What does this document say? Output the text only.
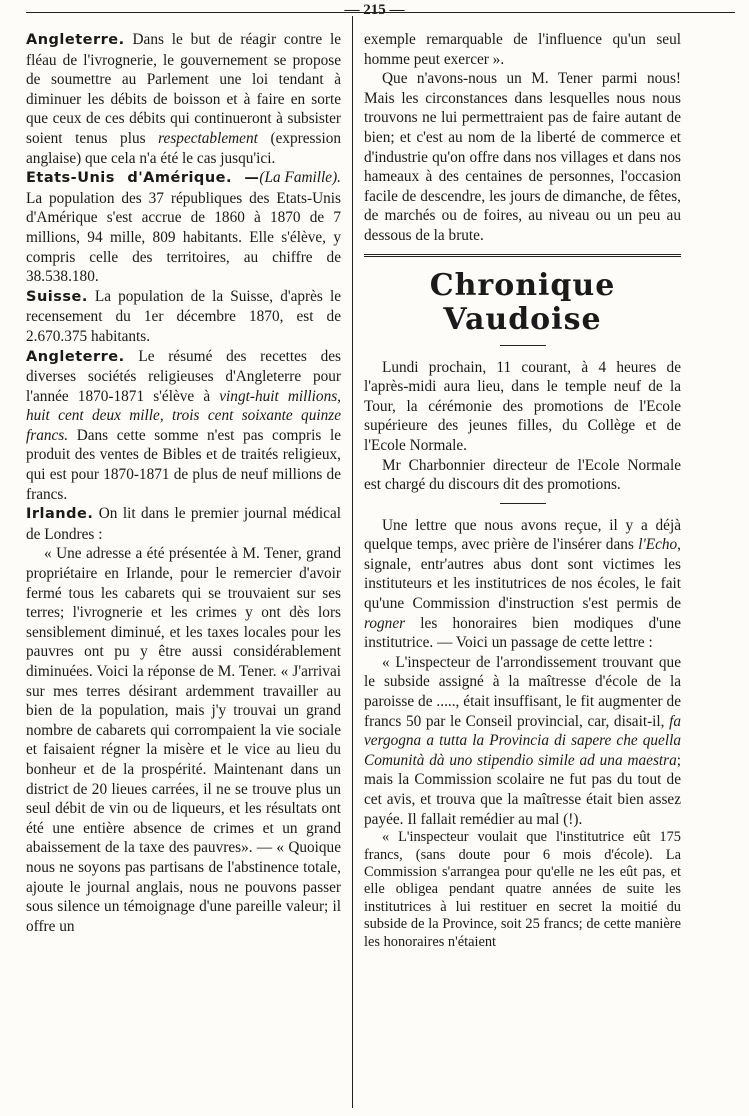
— 215 —

Angleterre. Dans le but de réagir contre le fléau de l'ivrognerie, le gouvernement se propose de soumettre au Parlement une loi tendant à diminuer les débits de boisson et à faire en sorte que ceux de ces débits qui continueront à subsister soient tenus plus respectablement (expression anglaise) que cela n'a été le cas jusqu'ici.
(La Famille).

Etats-Unis d'Amérique. — La population des 37 républiques des Etats-Unis d'Amérique s'est accrue de 1860 à 1870 de 7 millions, 94 mille, 809 habitants. Elle s'élève, y compris celle des territoires, au chiffre de 38.538.180.

Suisse. La population de la Suisse, d'après le recensement du 1er décembre 1870, est de 2.670.375 habitants.

Angleterre. Le résumé des recettes des diverses sociétés religieuses d'Angleterre pour l'année 1870-1871 s'élève à vingt-huit millions, huit cent deux mille, trois cent soixante quinze francs. Dans cette somme n'est pas compris le produit des ventes de Bibles et de traités religieux, qui est pour 1870-1871 de plus de neuf millions de francs.

Irlande. On lit dans le premier journal médical de Londres :

« Une adresse a été présentée à M. Tener, grand propriétaire en Irlande, pour le remercier d'avoir fermé tous les cabarets qui se trouvaient sur ses terres; l'ivrognerie et les crimes y ont dès lors sensiblement diminué, et les taxes locales pour les pauvres ont pu y être aussi considérablement diminuées. Voici la réponse de M. Tener. « J'arrivai sur mes terres désirant ardemment travailler au bien de la population, mais j'y trouvai un grand nombre de cabarets qui corrompaient la vie sociale et faisaient régner la misère et le vice au lieu du bonheur et de la prospérité. Maintenant dans un district de 20 lieues carrées, il ne se trouve plus un seul débit de vin ou de liqueurs, et les résultats ont été une entière absence de crimes et un grand abaissement de la taxe des pauvres». — « Quoique nous ne soyons pas partisans de l'abstinence totale, ajoute le journal anglais, nous ne pouvons passer sous silence un témoignage d'une pareille valeur; il offre un

exemple remarquable de l'influence qu'un seul homme peut exercer ».

Que n'avons-nous un M. Tener parmi nous! Mais les circonstances dans lesquelles nous nous trouvons ne lui permettraient pas de faire autant de bien; et c'est au nom de la liberté de commerce et d'industrie qu'on offre dans nos villages et dans nos hameaux à des centaines de personnes, l'occasion facile de descendre, les jours de dimanche, de fêtes, de marchés ou de foires, au niveau ou un peu au dessous de la brute.

Chronique Vaudoise

Lundi prochain, 11 courant, à 4 heures de l'après-midi aura lieu, dans le temple neuf de la Tour, la cérémonie des promotions de l'Ecole supérieure des jeunes filles, du Collège et de l'Ecole Normale.

Mr Charbonnier directeur de l'Ecole Normale est chargé du discours dit des promotions.

Une lettre que nous avons reçue, il y a déjà quelque temps, avec prière de l'insérer dans l'Echo, signale, entr'autres abus dont sont victimes les instituteurs et les institutrices de nos écoles, le fait qu'une Commission d'instruction s'est permis de rogner les honoraires bien modiques d'une institutrice. — Voici un passage de cette lettre :

« L'inspecteur de l'arrondissement trouvant que le subside assigné à la maîtresse d'école de la paroisse de ....., était insuffisant, le fit augmenter de francs 50 par le Conseil provincial, car, disait-il, fa vergogna a tutta la Provincia di sapere che quella Comunità dà uno stipendio simile ad una maestra; mais la Commission scolaire ne fut pas du tout de cet avis, et trouva que la maîtresse était bien assez payée. Il fallait remédier au mal (!).

« L'inspecteur voulait que l'institutrice eût 175 francs, (sans doute pour 6 mois d'école). La Commission s'arrangea pour qu'elle ne les eût pas, et elle obligea pendant quatre années de suite les institutrices à lui restituer en secret la moitié du subside de la Province, soit 25 francs; de cette manière les honoraires n'étaient
